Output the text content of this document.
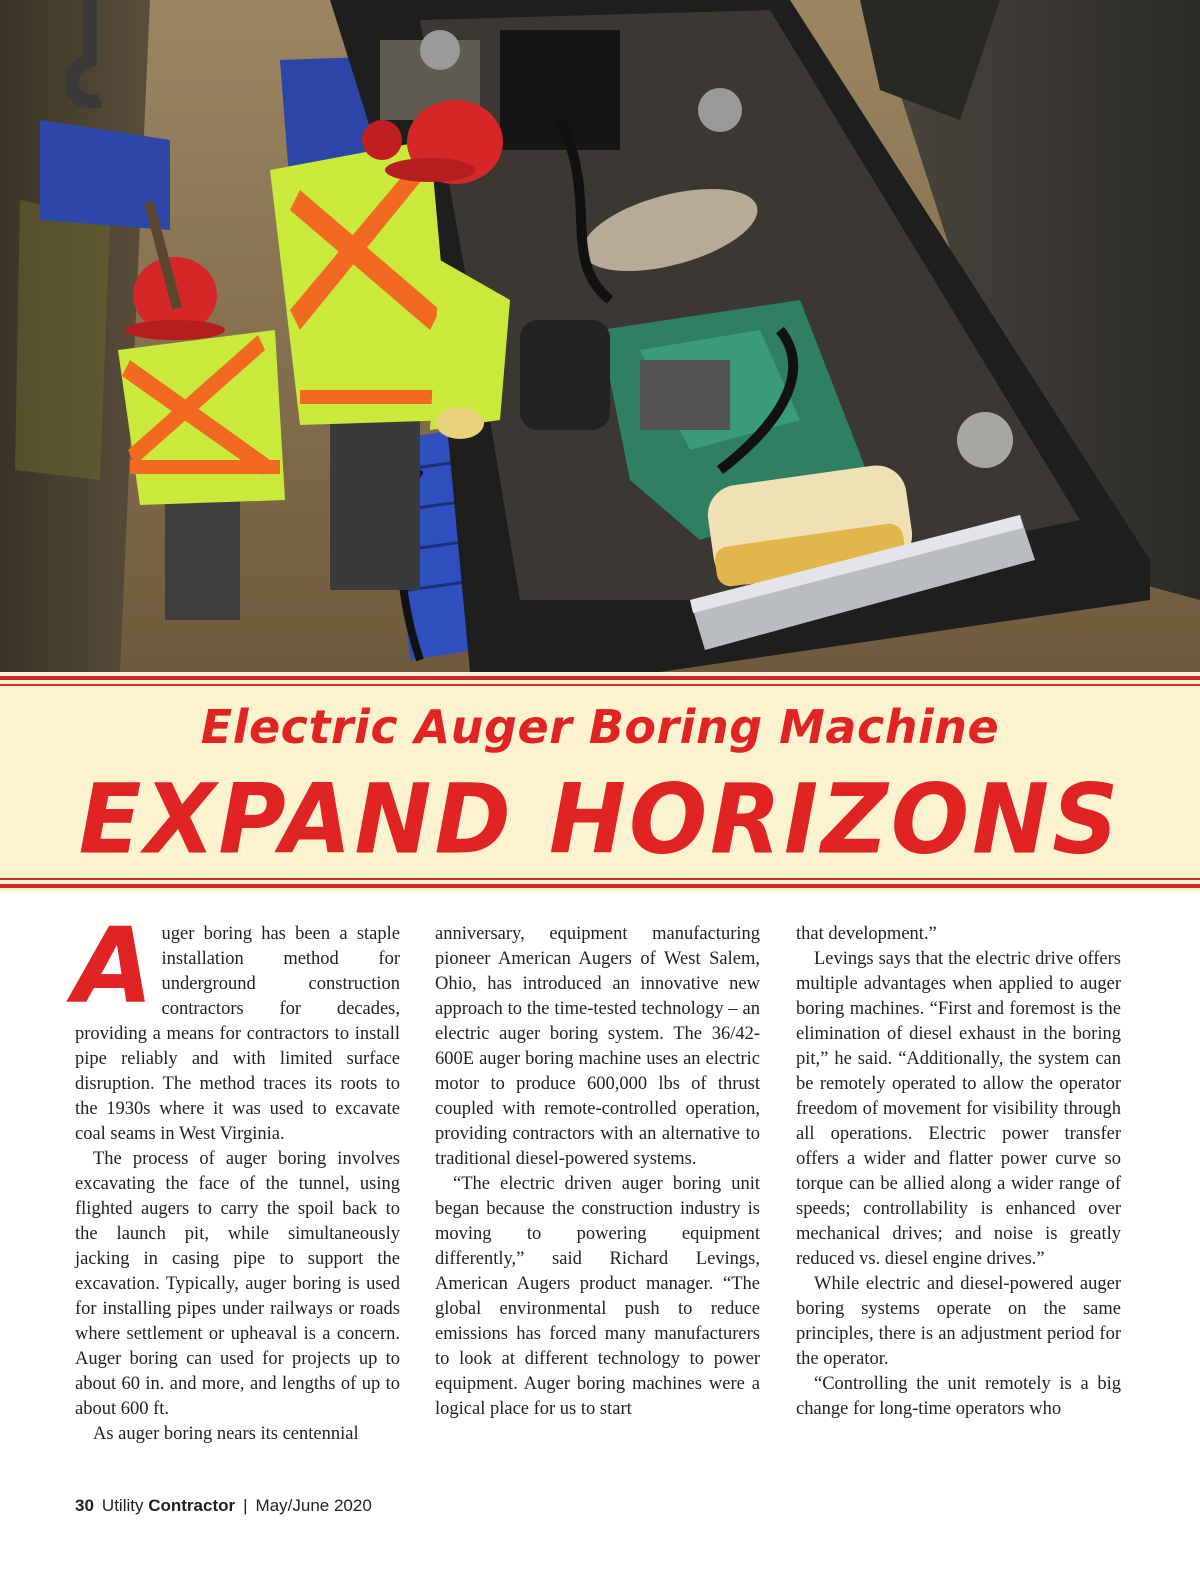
Electric Auger Boring Machine
EXPAND HORIZONS

Auger boring has been a staple installation method for underground construction contractors for decades, providing a means for contractors to install pipe reliably and with limited surface disruption. The method traces its roots to the 1930s where it was used to excavate coal seams in West Virginia.

The process of auger boring involves excavating the face of the tunnel, using flighted augers to carry the spoil back to the launch pit, while simultaneously jacking in casing pipe to support the excavation. Typically, auger boring is used for installing pipes under railways or roads where settlement or upheaval is a concern. Auger boring can used for projects up to about 60 in. and more, and lengths of up to about 600 ft.

As auger boring nears its centennial

anniversary, equipment manufacturing pioneer American Augers of West Salem, Ohio, has introduced an innovative new approach to the time-tested technology – an electric auger boring system. The 36/42-600E auger boring machine uses an electric motor to produce 600,000 lbs of thrust coupled with remote-controlled operation, providing contractors with an alternative to traditional diesel-powered systems.

“The electric driven auger boring unit began because the construction industry is moving to powering equipment differently,” said Richard Levings, American Augers product manager. “The global environmental push to reduce emissions has forced many manufacturers to look at different technology to power equipment. Auger boring machines were a logical place for us to start

that development.”

Levings says that the electric drive offers multiple advantages when applied to auger boring machines. “First and foremost is the elimination of diesel exhaust in the boring pit,” he said. “Additionally, the system can be remotely operated to allow the operator freedom of movement for visibility through all operations. Electric power transfer offers a wider and flatter power curve so torque can be allied along a wider range of speeds; controllability is enhanced over mechanical drives; and noise is greatly reduced vs. diesel engine drives.”

While electric and diesel-powered auger boring systems operate on the same principles, there is an adjustment period for the operator.

“Controlling the unit remotely is a big change for long-time operators who

30 Utility Contractor | May/June 2020
